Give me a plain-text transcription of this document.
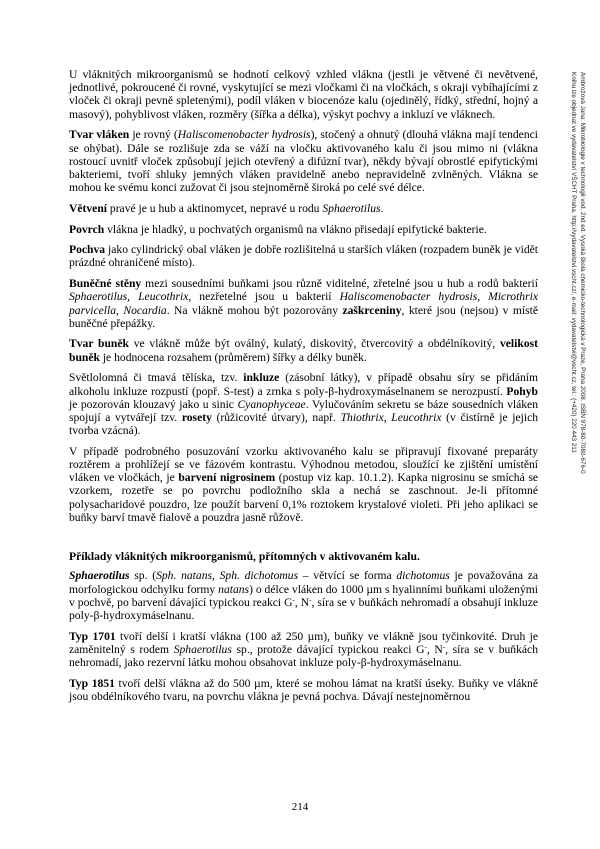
U vláknitých mikroorganismů se hodnotí celkový vzhled vlákna (jestli je větvené či nevětvené, jednotlivé, pokroucené či rovné, vyskytující se mezi vločkami či na vločkách, s okraji vybíhajícími z vloček či okraji pevně spletenými), podíl vláken v biocenóze kalu (ojedinělý, řídký, střední, hojný a masový), pohyblivost vláken, rozměry (šířka a délka), výskyt pochvy a inkluzí ve vláknech.

Tvar vláken je rovný (Haliscomenobacter hydrosis), stočený a ohnutý (dlouhá vlákna mají tendenci se ohýbat). Dále se rozlišuje zda se váží na vločku aktivovaného kalu či jsou mimo ni (vlákna rostoucí uvnitř vloček způsobují jejich otevřený a difúzní tvar), někdy bývají obrostlé epifytickými bakteriemi, tvoří shluky jemných vláken pravidelně anebo nepravidelně zvlněných. Vlákna se mohou ke svému konci zužovat či jsou stejnoměrně široká po celé své délce.

Větvení pravé je u hub a aktinomycet, nepravé u rodu Sphaerotilus.

Povrch vlákna je hladký, u pochvatých organismů na vlákno přisedají epifytické bakterie.

Pochva jako cylindrický obal vláken je dobře rozlišitelná u starších vláken (rozpadem buněk je vidět prázdné ohraničené místo).

Buněčné stěny mezi sousedními buňkami jsou různě viditelné, zřetelné jsou u hub a rodů bakterií Sphaerotilus, Leucothrix, nezřetelné jsou u bakterií Haliscomenobacter hydrosis, Microthrix parvicella, Nocardia. Na vlákně mohou být pozorovány zaškrceniny, které jsou (nejsou) v místě buněčné přepážky.

Tvar buněk ve vlákně může být oválný, kulatý, diskovitý, čtvercovitý a obdélníkovitý, velikost buněk je hodnocena rozsahem (průměrem) šířky a délky buněk.

Světlolomná či tmavá tělíska, tzv. inkluze (zásobní látky), v případě obsahu síry se přidáním alkoholu inkluze rozpustí (popř. S-test) a zrnka s poly-β-hydroxymáselnanem se nerozpustí. Pohyb je pozorován klouzavý jako u sinic Cyanophyceae. Vylučováním sekretu se báze sousedních vláken spojují a vytvářejí tzv. rosety (růžicovité útvary), např. Thiothrix, Leucothrix (v čistírně je jejich tvorba vzácná).

V případě podrobného posuzování vzorku aktivovaného kalu se připravují fixované preparáty roztěrem a prohlížejí se ve fázovém kontrastu. Výhodnou metodou, sloužící ke zjištění umístění vláken ve vločkách, je barvení nigrosinem (postup viz kap. 10.1.2). Kapka nigrosinu se smíchá se vzorkem, rozetře se po povrchu podložního skla a nechá se zaschnout. Je-li přítomné polysacharidové pouzdro, lze použít barvení 0,1% roztokem krystalové violeti. Při jeho aplikaci se buňky barví tmavě fialově a pouzdra jasně růžově.

Příklady vláknitých mikroorganismů, přítomných v aktivovaném kalu.

Sphaerotilus sp. (Sph. natans, Sph. dichotomus – větvící se forma dichotomus je považována za morfologickou odchylku formy natans) o délce vláken do 1000 µm s hyalinními buňkami uloženými v pochvě, po barvení dávající typickou reakci G-, N-, síra se v buňkách nehromadí a obsahují inkluze poly-β-hydroxymáselnanu.

Typ 1701 tvoří delší i kratší vlákna (100 až 250 µm), buňky ve vlákně jsou tyčinkovité. Druh je zaměnitelný s rodem Sphaerotilus sp., protože dávající typickou reakci G-, N-, síra se v buňkách nehromadí, jako rezervní látku mohou obsahovat inkluze poly-β-hydroxymáselnanu.

Typ 1851 tvoří delší vlákna až do 500 µm, které se mohou lámat na kratší úseky. Buňky ve vlákně jsou obdélníkového tvaru, na povrchu vlákna je pevná pochva. Dávají nestejnoměrnou

214
Ambrožová Jana: Mikrobiologie v technologii vod. 2nd ed. Vysoká škola chemicko-technologická v Praze, Praha 2008. ISBN 978-80-7080-676-0
Knihu lze objednat ve vydavatelství VŠCHT Praha, http://vydavatelstvi.vscht.cz/, e-mail: vydavatelstvi@vscht.cz, tel.: (+420) 220 443 211
